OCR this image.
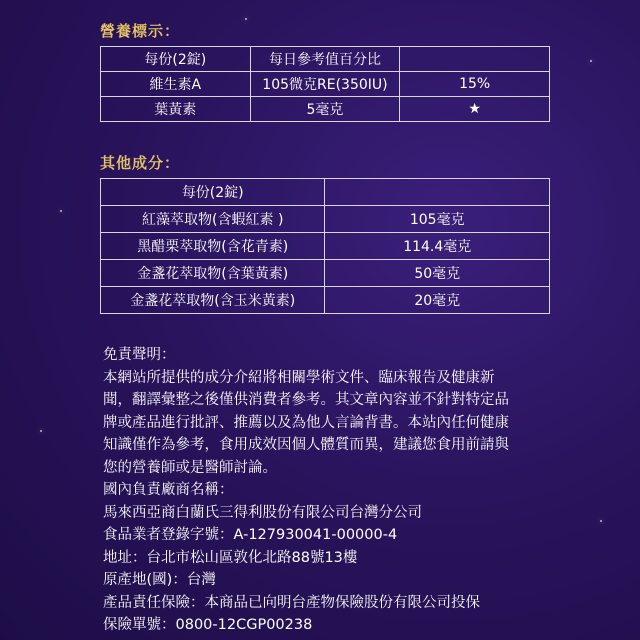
營養標示：
每份(2錠)	每日參考值百分比	
維生素A	105微克RE(350IU)	15%
葉黃素	5毫克	★
其他成分：
每份(2錠)	
紅藻萃取物(含蝦紅素 )	105毫克
黑醋栗萃取物(含花青素)	114.4毫克
金盞花萃取物(含葉黃素)	50毫克
金盞花萃取物(含玉米黃素)	20毫克

免責聲明：

本網站所提供的成分介紹將相關學術文件、臨床報告及健康新

聞，翻譯彙整之後僅供消費者參考。其文章內容並不針對特定品

牌或產品進行批評、推薦以及為他人言論背書。本站內任何健康

知識僅作為參考，食用成效因個人體質而異，建議您食用前請與

您的營養師或是醫師討論。

國內負責廠商名稱：

馬來西亞商白蘭氏三得利股份有限公司台灣分公司

食品業者登錄字號：A-127930041-00000-4

地址：台北市松山區敦化北路88號13樓

原產地(國)：台灣

產品責任保險：本商品已向明台產物保險股份有限公司投保

保險單號：0800-12CGP00238
